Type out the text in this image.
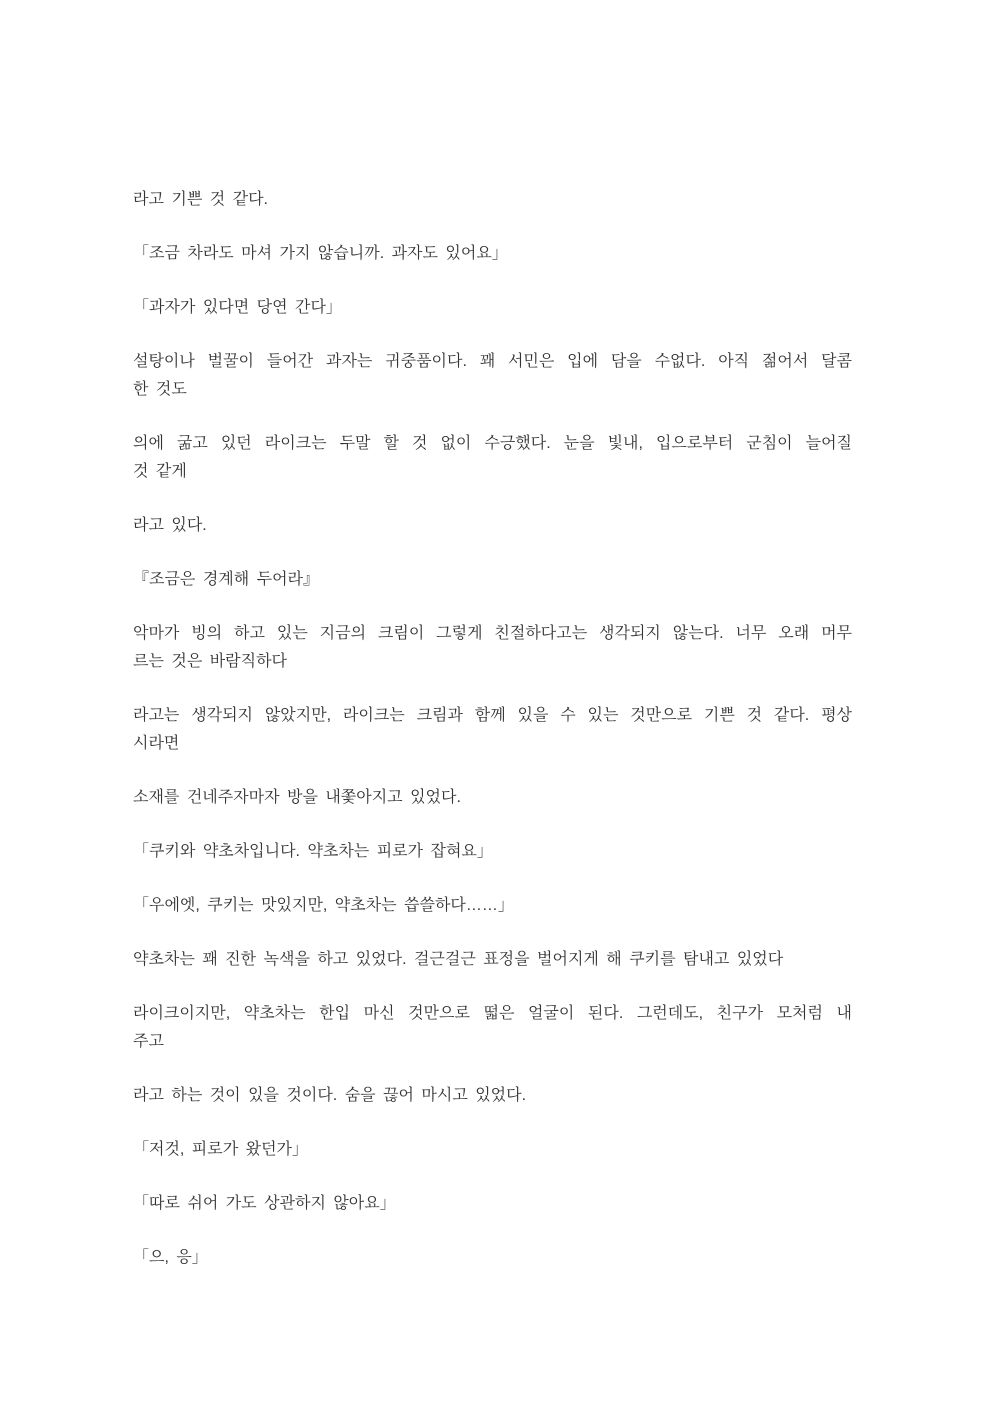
라고 기쁜 것 같다.
「조금 차라도 마셔 가지 않습니까. 과자도 있어요」
「과자가 있다면 당연 간다」
설탕이나 벌꿀이 들어간 과자는 귀중품이다. 꽤 서민은 입에 담을 수없다. 아직 젊어서 달콤
한 것도
의에 굶고 있던 라이크는 두말 할 것 없이 수긍했다. 눈을 빛내, 입으로부터 군침이 늘어질
것 같게
라고 있다.
『조금은 경계해 두어라』
악마가 빙의 하고 있는 지금의 크림이 그렇게 친절하다고는 생각되지 않는다. 너무 오래 머무
르는 것은 바람직하다
라고는 생각되지 않았지만, 라이크는 크림과 함께 있을 수 있는 것만으로 기쁜 것 같다. 평상
시라면
소재를 건네주자마자 방을 내쫓아지고 있었다.
「쿠키와 약초차입니다. 약초차는 피로가 잡혀요」
「우에엣, 쿠키는 맛있지만, 약초차는 씁쓸하다……」
약초차는 꽤 진한 녹색을 하고 있었다. 걸근걸근 표정을 벌어지게 해 쿠키를 탐내고 있었다
라이크이지만, 약초차는 한입 마신 것만으로 떫은 얼굴이 된다. 그런데도, 친구가 모처럼 내
주고
라고 하는 것이 있을 것이다. 숨을 끊어 마시고 있었다.
「저것, 피로가 왔던가」
「따로 쉬어 가도 상관하지 않아요」
「으, 응」
